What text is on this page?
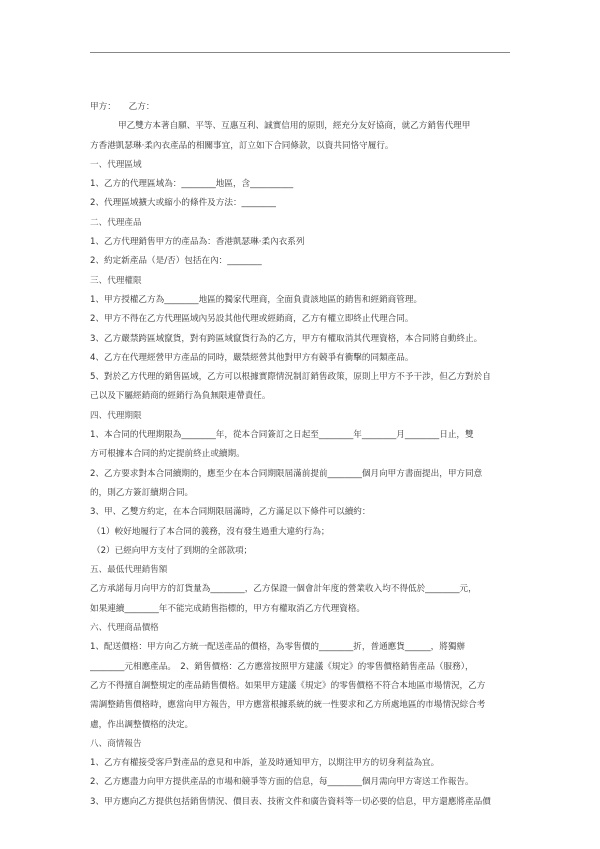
甲方：　　乙方：
甲乙雙方本著自願、平等、互惠互利、誠實信用的原則，經充分友好協商，就乙方銷售代理甲
方香港凱瑟琳·柔內衣產品的相關事宜，訂立如下合同條款，以資共同恪守履行。
一、代理區域
1、乙方的代理區域為：________地區，含__________
2、代理區域擴大或縮小的條件及方法：________
二、代理產品
1、乙方代理銷售甲方的產品為：香港凱瑟琳·柔內衣系列
2、約定新產品（是/否）包括在內：________
三、代理權限
1、甲方授權乙方為________地區的獨家代理商，全面負責該地區的銷售和經銷商管理。
2、甲方不得在乙方代理區域內另設其他代理或經銷商，乙方有權立即終止代理合同。
3、乙方嚴禁跨區域竄貨，對有跨區域竄貨行為的乙方，甲方有權取消其代理資格，本合同將自動終止。
4、乙方在代理經營甲方產品的同時，嚴禁經營其他對甲方有競爭有衝擊的同類產品。
5、對於乙方代理的銷售區域，乙方可以根據實際情況制訂銷售政策，原則上甲方不予干涉，但乙方對於自
己以及下屬經銷商的經銷行為負無限連帶責任。
四、代理期限
1、本合同的代理期限為________年，從本合同簽訂之日起至________年________月________日止，雙
方可根據本合同的約定提前終止或續期。
2、乙方要求對本合同續期的，應至少在本合同期限屆滿前提前________個月向甲方書面提出，甲方同意
的，則乙方簽訂續期合同。
3、甲、乙雙方約定，在本合同期限屆滿時，乙方滿足以下條件可以續約：
（1）較好地履行了本合同的義務，沒有發生過重大違約行為；
（2）已經向甲方支付了到期的全部款項；
五、最低代理銷售額
乙方承諾每月向甲方的訂貨量為________，乙方保證一個會計年度的營業收入均不得低於________元，
如果連續________年不能完成銷售指標的，甲方有權取消乙方代理資格。
六、代理商品價格
1、配送價格：甲方向乙方統一配送產品的價格，為零售價的________折，普通應貨______，將獨辦
________元相應產品。　2、銷售價格：乙方應當按照甲方建議《規定》的零售價格銷售產品（服務），
乙方不得擅自調整規定的產品銷售價格。如果甲方建議《規定》的零售價格不符合本地區市場情況，乙方
需調整銷售價格時，應當向甲方報告，甲方應當根據系統的統一性要求和乙方所處地區的市場情況綜合考
慮，作出調整價格的決定。
八、商情報告
1、乙方有權接受客戶對產品的意見和申訴，並及時通知甲方，以期注甲方的切身利益為宜。
2、乙方應盡力向甲方提供產品的市場和競爭等方面的信息，每________個月需向甲方寄送工作報告。
3、甲方應向乙方提供包括銷售情況、價目表、技術文件和廣告資料等一切必要的信息，甲方還應將產品價
